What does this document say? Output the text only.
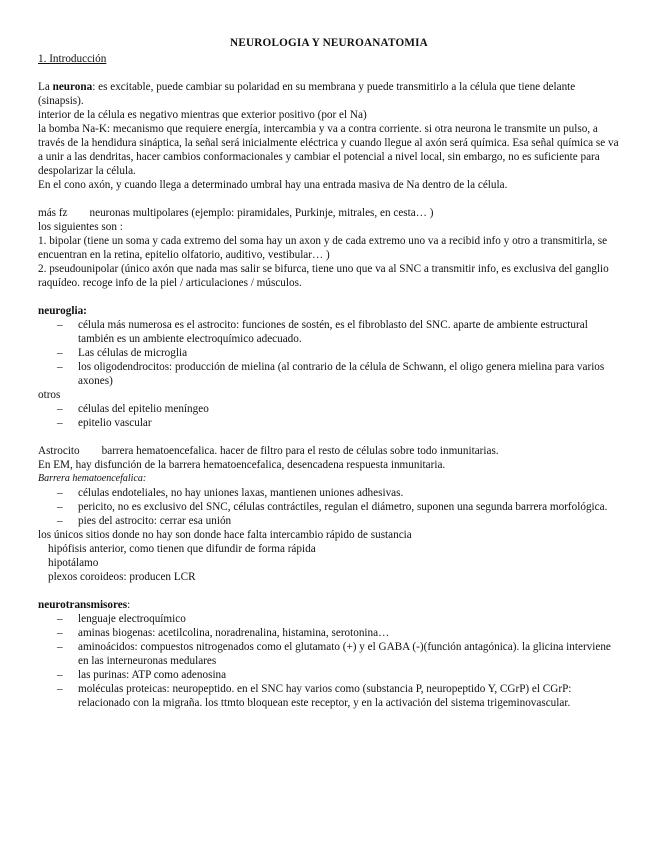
NEUROLOGIA Y NEUROANATOMIA

1. Introducción

La neurona: es excitable, puede cambiar su polaridad en su membrana y puede transmitirlo a la célula que tiene delante (sinapsis).

interior de la célula es negativo mientras que exterior positivo (por el Na)

la bomba Na-K: mecanismo que requiere energía, intercambia y va a contra corriente. si otra neurona le transmite un pulso, a través de la hendidura sináptica, la señal será inicialmente eléctrica y cuando llegue al axón será química. Esa señal química se va a unir a las dendritas, hacer cambios conformacionales y cambiar el potencial a nivel local, sin embargo, no es suficiente para despolarizar la célula.

En el cono axón, y cuando llega a determinado umbral hay una entrada masiva de Na dentro de la célula.

más fz neuronas multipolares (ejemplo: piramidales, Purkinje, mitrales, en cesta… )

los siguientes son :

1. bipolar (tiene un soma y cada extremo del soma hay un axon y de cada extremo uno va a recibid info y otro a transmitirla, se encuentran en la retina, epitelio olfatorio, auditivo, vestibular… )

2. pseudounipolar (único axón que nada mas salir se bifurca, tiene uno que va al SNC a transmitir info, es exclusiva del ganglio raquídeo. recoge info de la piel / articulaciones / músculos.

neuroglia:

– célula más numerosa es el astrocito: funciones de sostén, es el fibroblasto del SNC. aparte de ambiente estructural también es un ambiente electroquímico adecuado.
– Las células de microglia
– los oligodendrocitos: producción de mielina (al contrario de la célula de Schwann, el oligo genera mielina para varios axones)

otros

– células del epitelio meníngeo
– epitelio vascular

Astrocito barrera hematoencefalica. hacer de filtro para el resto de células sobre todo inmunitarias.

En EM, hay disfunción de la barrera hematoencefalica, desencadena respuesta inmunitaria.

Barrera hematoencefalica:

– células endoteliales, no hay uniones laxas, mantienen uniones adhesivas.
– pericito, no es exclusivo del SNC, células contráctiles, regulan el diámetro, suponen una segunda barrera morfológica.
– pies del astrocito: cerrar esa unión

los únicos sitios donde no hay son donde hace falta intercambio rápido de sustancia

hipófisis anterior, como tienen que difundir de forma rápida

hipotálamo

plexos coroideos: producen LCR

neurotransmisores:

– lenguaje electroquímico
– aminas biogenas: acetilcolina, noradrenalina, histamina, serotonina…
– aminoácidos: compuestos nitrogenados como el glutamato (+) y el GABA (-)(función antagónica). la glicina interviene en las interneuronas medulares
– las purinas: ATP como adenosina
– moléculas proteicas: neuropeptido. en el SNC hay varios como (substancia P, neuropeptido Y, CGrP) el CGrP: relacionado con la migraña. los ttmto bloquean este receptor, y en la activación del sistema trigeminovascular.
